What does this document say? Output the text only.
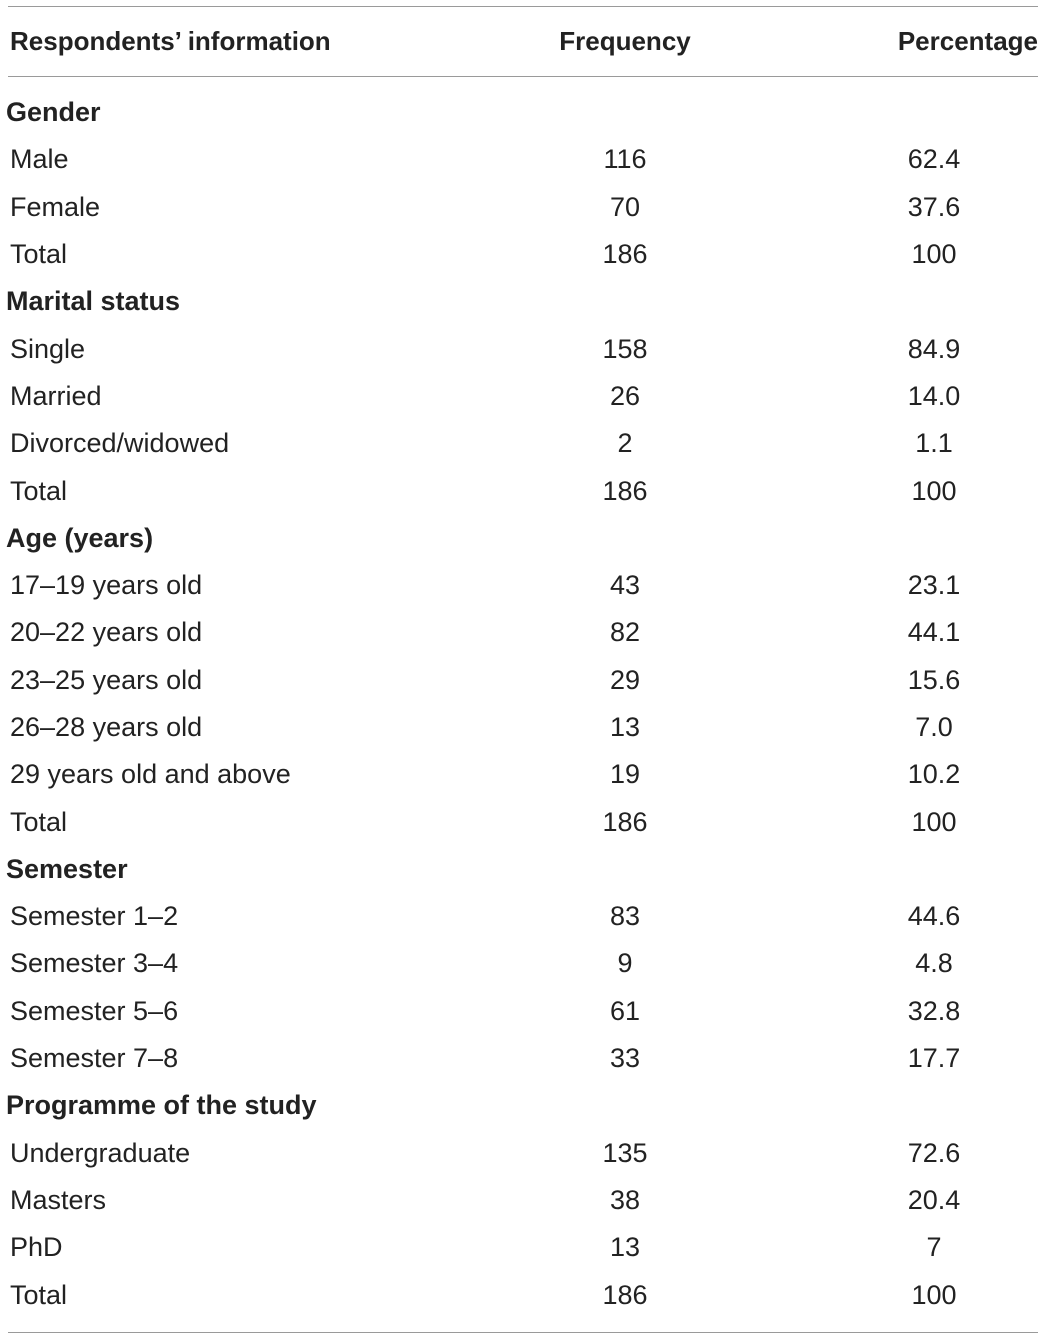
Respondents’ information	Frequency	Percentage
Gender
Male	116	62.4
Female	70	37.6
Total	186	100
Marital status
Single	158	84.9
Married	26	14.0
Divorced/widowed	2	1.1
Total	186	100
Age (years)
17–19 years old	43	23.1
20–22 years old	82	44.1
23–25 years old	29	15.6
26–28 years old	13	7.0
29 years old and above	19	10.2
Total	186	100
Semester
Semester 1–2	83	44.6
Semester 3–4	9	4.8
Semester 5–6	61	32.8
Semester 7–8	33	17.7
Programme of the study
Undergraduate	135	72.6
Masters	38	20.4
PhD	13	7
Total	186	100
